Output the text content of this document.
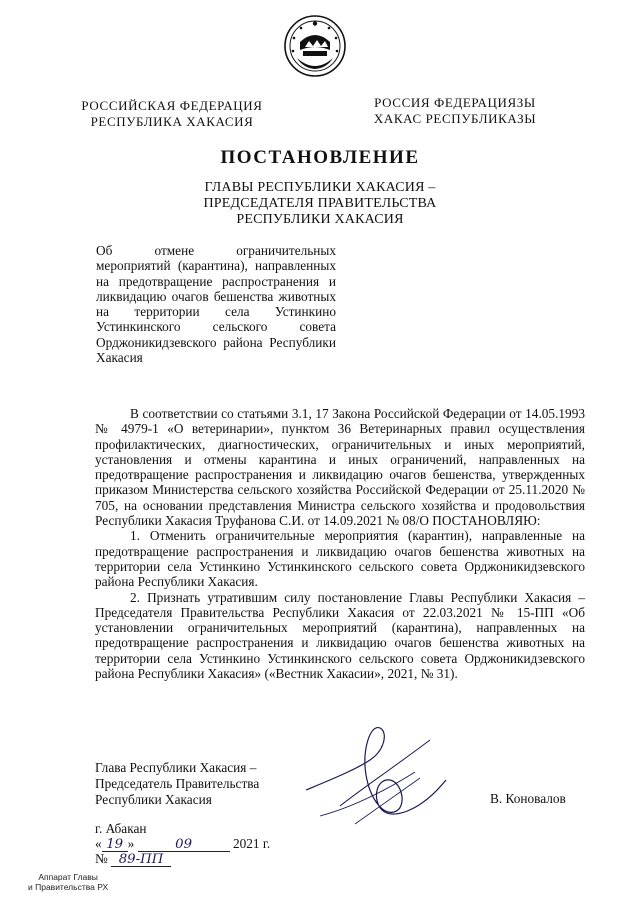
РОССИЙСКАЯ ФЕДЕРАЦИЯ
РЕСПУБЛИКА ХАКАСИЯ
РОССИЯ ФЕДЕРАЦИЯЗЫ
ХАКАС РЕСПУБЛИКАЗЫ
ПОСТАНОВЛЕНИЕ
ГЛАВЫ РЕСПУБЛИКИ ХАКАСИЯ –
ПРЕДСЕДАТЕЛЯ ПРАВИТЕЛЬСТВА
РЕСПУБЛИКИ ХАКАСИЯ
Об отмене ограничительных мероприятий (карантина), направленных на предотвращение распространения и ликвидацию очагов бешенства животных на территории села Устинкино Устинкинского сельского совета Орджоникидзевского района Республики Хакасия

В соответствии со статьями 3.1, 17 Закона Российской Федерации от 14.05.1993 № 4979-1 «О ветеринарии», пунктом 36 Ветеринарных правил осуществления профилактических, диагностических, ограничительных и иных мероприятий, установления и отмены карантина и иных ограничений, направленных на предотвращение распространения и ликвидацию очагов бешенства, утвержденных приказом Министерства сельского хозяйства Российской Федерации от 25.11.2020 № 705, на основании представления Министра сельского хозяйства и продовольствия Республики Хакасия Труфанова С.И. от 14.09.2021 № 08/О ПОСТАНОВЛЯЮ:

1. Отменить ограничительные мероприятия (карантин), направленные на предотвращение распространения и ликвидацию очагов бешенства животных на территории села Устинкино Устинкинского сельского совета Орджоникидзевского района Республики Хакасия.

2. Признать утратившим силу постановление Главы Республики Хакасия – Председателя Правительства Республики Хакасия от 22.03.2021 № 15-ПП «Об установлении ограничительных мероприятий (карантина), направленных на предотвращение распространения и ликвидацию очагов бешенства животных на территории села Устинкино Устинкинского сельского совета Орджоникидзевского района Республики Хакасия» («Вестник Хакасии», 2021, № 31).

Глава Республики Хакасия –
Председатель Правительства
Республики Хакасия	В. Коновалов
г. Абакан
« 19 »	09	2021 г.
№ 89-ПП
Аппарат Главы
и Правительства РХ
